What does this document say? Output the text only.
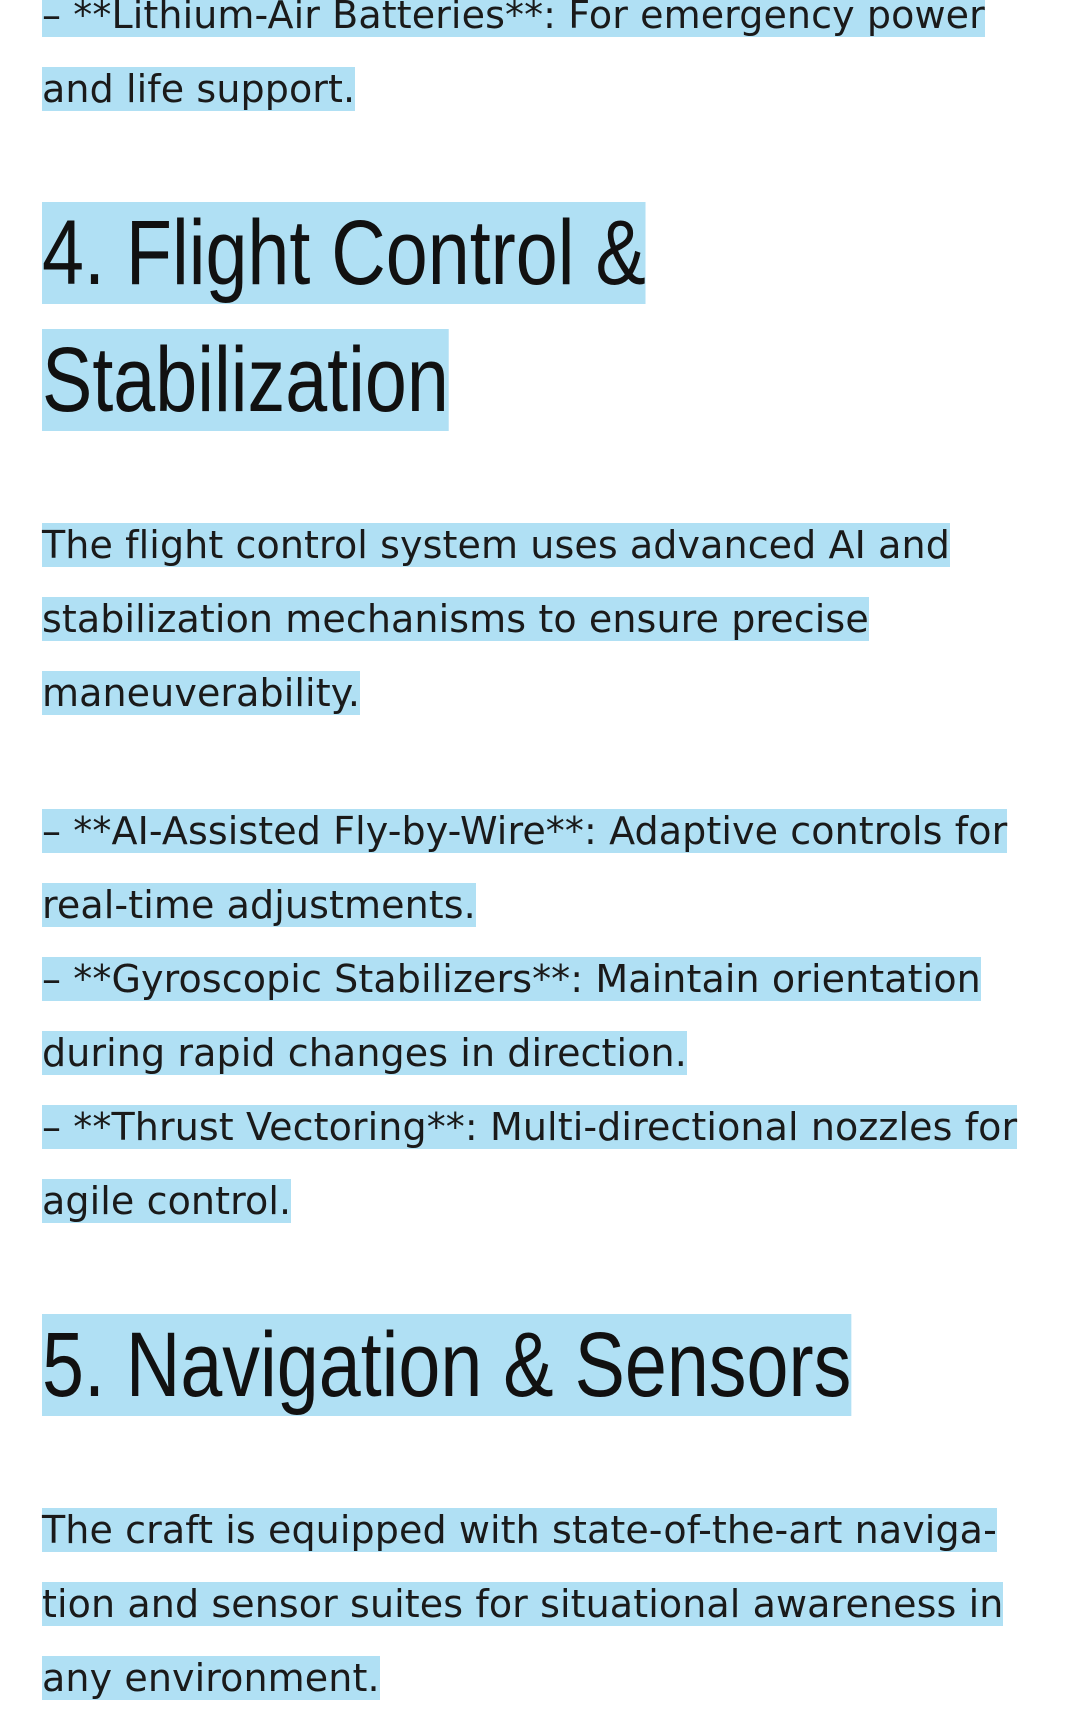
– **Lithium-Air Batteries**: For emergency power and life support.

4. Flight Control & Stabilization

The flight control system uses advanced AI and stabilization mechanisms to ensure precise maneuverability.

– **AI-Assisted Fly-by-Wire**: Adaptive controls for real-time adjustments.
– **Gyroscopic Stabilizers**: Maintain orientation during rapid changes in direction.
– **Thrust Vectoring**: Multi-directional nozzles for agile control.

5. Navigation & Sensors

The craft is equipped with state-of-the-art naviga-tion and sensor suites for situational awareness in any environment.
